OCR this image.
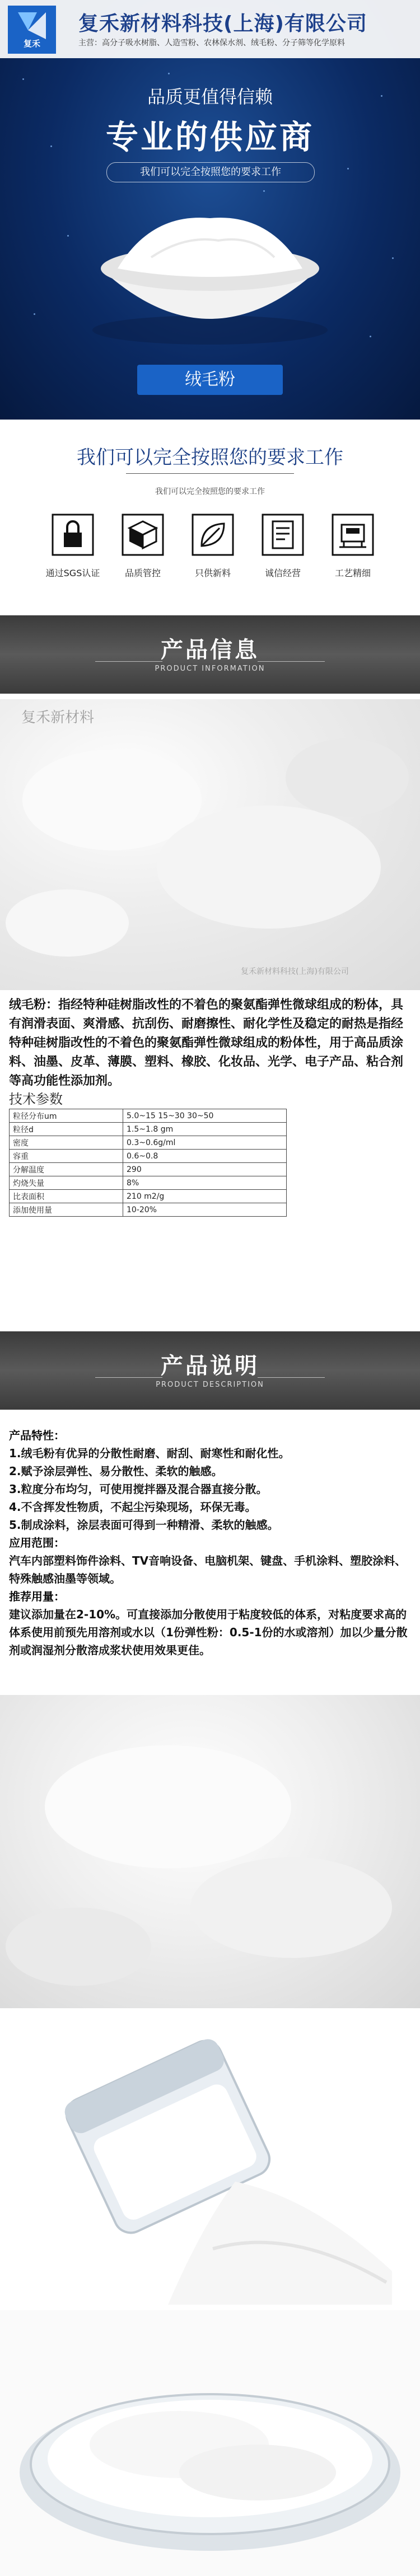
复禾
复禾新材料科技(上海)有限公司
主营：高分子吸水树脂、人造雪粉、农林保水剂、绒毛粉、分子筛等化学原料
品质更值得信赖
专业的供应商
我们可以完全按照您的要求工作
绒毛粉
我们可以完全按照您的要求工作
我们可以完全按照您的要求工作
通过SGS认证	品质管控	只供新料	诚信经营	工艺精细
产品信息
PRODUCT INFORMATION
复禾新材料
复禾新材料科技(上海)有限公司
绒毛粉：指经特种硅树脂改性的不着色的聚氨酯弹性微球组成的粉体，具有润滑表面、爽滑感、抗刮伤、耐磨擦性、耐化学性及稳定的耐热是指经特种硅树脂改性的不着色的聚氨酯弹性微球组成的粉体性，用于高品质涂料、油墨、皮革、薄膜、塑料、橡胶、化妆品、光学、电子产品、粘合剂等高功能性添加剂。
技术参数
粒径分布um	5.0~15 15~30 30~50
粒径d	1.5~1.8 gm
密度	0.3~0.6g/ml
容重	0.6~0.8
分解温度	290
灼烧失量	8%
比表面积	210 m2/g
添加使用量	10-20%
产品说明
PRODUCT DESCRIPTION

产品特性：

1.绒毛粉有优异的分散性耐磨、耐刮、耐寒性和耐化性。

2.赋予涂层弹性、易分散性、柔软的触感。

3.粒度分布均匀，可使用搅拌器及混合器直接分散。

4.不含挥发性物质，不起尘污染现场，环保无毒。

5.制成涂料，涂层表面可得到一种精滑、柔软的触感。

应用范围：

汽车内部塑料饰件涂料、TV音响设备、电脑机架、键盘、手机涂料、塑胶涂料、特殊触感油墨等领域。

推荐用量：

建议添加量在2-10%。可直接添加分散使用于粘度较低的体系，对粘度要求高的体系使用前预先用溶剂或水以（1份弹性粉：0.5-1份的水或溶剂）加以少量分散剂或润湿剂分散溶成浆状使用效果更佳。
